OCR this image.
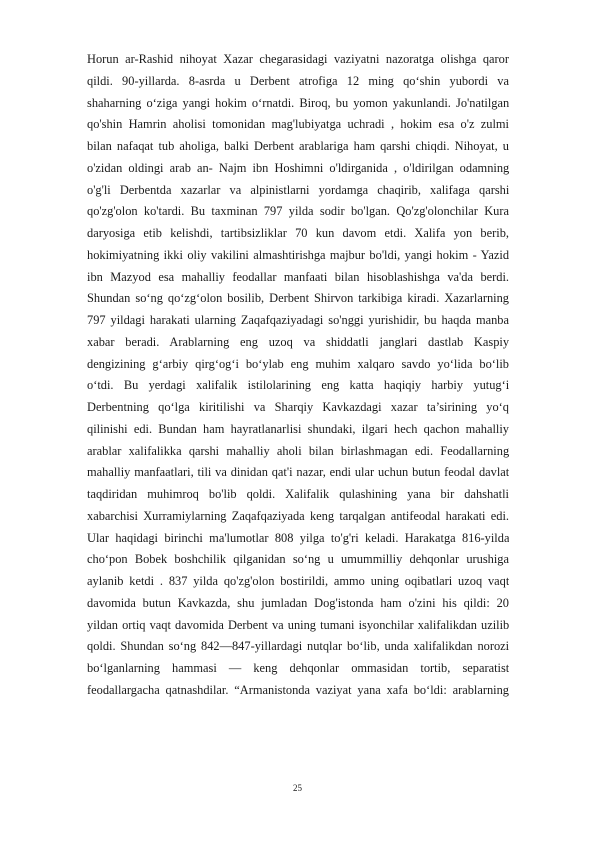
Horun ar-Rashid nihoyat Xazar chegarasidagi vaziyatni nazoratga olishga qaror
qildi. 90-yillarda. 8-asrda u Derbent atrofiga 12 ming qo‘shin yubordi va
shaharning o‘ziga yangi hokim o‘rnatdi. Biroq, bu yomon yakunlandi. Jo'natilgan
qo'shin Hamrin aholisi tomonidan mag'lubiyatga uchradi , hokim esa o'z zulmi
bilan nafaqat tub aholiga, balki Derbent arablariga ham qarshi chiqdi. Nihoyat, u
o'zidan oldingi arab an- Najm ibn Hoshimni o'ldirganida , o'ldirilgan odamning
o'g'li Derbentda xazarlar va alpinistlarni yordamga chaqirib, xalifaga qarshi
qo'zg'olon ko'tardi. Bu taxminan 797 yilda sodir bo'lgan. Qo'zg'olonchilar Kura
daryosiga etib kelishdi, tartibsizliklar 70 kun davom etdi. Xalifa yon berib,
hokimiyatning ikki oliy vakilini almashtirishga majbur bo'ldi, yangi hokim - Yazid
ibn Mazyod esa mahalliy feodallar manfaati bilan hisoblashishga va'da berdi.
Shundan so‘ng qo‘zg‘olon bosilib, Derbent Shirvon tarkibiga kiradi. Xazarlarning
797 yildagi harakati ularning Zaqafqaziyadagi so'nggi yurishidir, bu haqda manba
xabar beradi. Arablarning eng uzoq va shiddatli janglari dastlab Kaspiy
dengizining g‘arbiy qirg‘og‘i bo‘ylab eng muhim xalqaro savdo yo‘lida bo‘lib
o‘tdi. Bu yerdagi xalifalik istilolarining eng katta haqiqiy harbiy yutug‘i
Derbentning qo‘lga kiritilishi va Sharqiy Kavkazdagi xazar ta’sirining yo‘q
qilinishi edi. Bundan ham hayratlanarlisi shundaki, ilgari hech qachon mahalliy
arablar xalifalikka qarshi mahalliy aholi bilan birlashmagan edi. Feodallarning
mahalliy manfaatlari, tili va dinidan qat'i nazar, endi ular uchun butun feodal davlat
taqdiridan muhimroq bo'lib qoldi. Xalifalik qulashining yana bir dahshatli
xabarchisi Xurramiylarning Zaqafqaziyada keng tarqalgan antifeodal harakati edi.
Ular haqidagi birinchi ma'lumotlar 808 yilga to'g'ri keladi. Harakatga 816-yilda
cho‘pon Bobek boshchilik qilganidan so‘ng u umummilliy dehqonlar urushiga
aylanib ketdi . 837 yilda qo'zg'olon bostirildi, ammo uning oqibatlari uzoq vaqt
davomida butun Kavkazda, shu jumladan Dog'istonda ham o'zini his qildi: 20
yildan ortiq vaqt davomida Derbent va uning tumani isyonchilar xalifalikdan uzilib
qoldi. Shundan so‘ng 842—847-yillardagi nutqlar bo‘lib, unda xalifalikdan norozi
bo‘lganlarning hammasi — keng dehqonlar ommasidan tortib, separatist
feodallargacha qatnashdilar. “Armanistonda vaziyat yana xafa bo‘ldi: arablarning
25
